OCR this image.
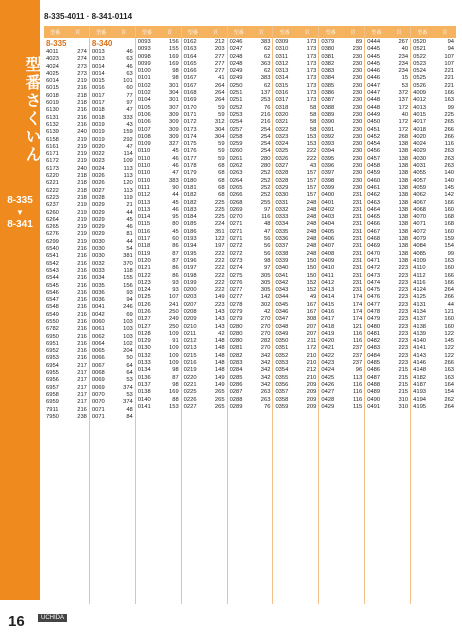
型番さくいん
8-335
▼
8-341
16	UCHIDA
8-335-4011 · 8-341-0114
型番	頁
8-335
4011	274
4023	274
4024	273
4025	273
6014	219
6015	216
6018	218
6019	218
6130	216
6131	216
6132	216
6139	240
6158	219
6161	219
6171	219
6172	219
6173	240
6220	218
6221	218
6222	218
6223	218
6237	219
6260	219
6264	219
6265	219
6276	219
6299	219
6540	216
6541	216
6542	216
6543	216
6544	216
6545	216
6546	216
6547	216
6548	216
6549	216
6550	216
6782	216
6950	216
6951	216
6952	216
6953	216
6954	217
6955	217
6956	217
6957	217
6958	217
6959	217
7911	216
7950	238
型番	頁
8-340
0013	46
0013	63
0014	46
0014	63
0015	101
0016	60
0017	77
0017	97
0018	47
0018	333
0019	43
0019	159
0019	292
0020	47
0022	114
0023	109
0024	113
0026	113
0026	120
0027	113
0028	119
0029	21
0029	44
0029	45
0029	46
0029	81
0030	44
0030	54
0030	381
0032	370
0033	118
0034	155
0035	156
0036	93
0036	94
0041	246
0042	69
0060	103
0061	103
0062	103
0064	102
0065	204
0066	50
0067	64
0068	64
0069	53
0069	374
0070	53
0070	374
0071	48
0071	84
型番	頁
0093	156
0093	155
0098	169
0099	169
0100	98
0101	98
0102	301
0102	304
0104	301
0105	307
0106	309
0106	309
0107	309
0108	309
0109	327
0110	45
0110	46
0110	46
0110	47
0110	383
0111	90
0112	44
0113	45
0113	46
0114	95
0115	80
0116	45
0117	60
0118	86
0119	87
0120	87
0121	86
0122	86
0123	93
0124	93
0125	107
0126	241
0126	250
0127	249
0127	250
0128	109
0129	91
0130	109
0132	109
0133	109
0134	98
0136	87
0137	98
0138	169
0140	88
0141	153
型番	頁
0162	212
0163	203
0164	277
0165	277
0166	277
0167	41
0167	264
0168	264
0169	264
0170	59
0171	59
0172	312
0173	304
0174	304
0175	59
0176	59
0177	59
0178	68
0179	68
0180	68
0181	68
0182	68
0182	225
0183	225
0184	225
0185	224
0186	351
0193	122
0194	197
0195	222
0196	222
0197	222
0198	222
0199	222
0200	222
0203	149
0207	223
0208	143
0209	143
0210	143
0211	42
0212	148
0213	148
0215	148
0216	148
0219	148
0220	149
0221	149
0225	265
0226	265
0227	265
型番	頁
0246	383
0247	62
0248	62
0248	363
0249	62
0249	383
0250	62
0251	137
0251	253
0252	76
0253	216
0254	216
0257	254
0258	254
0259	254
0260	254
0261	280
0262	280
0263	252
0264	252
0265	252
0266	252
0268	255
0269	97
0270	116
0271	48
0271	47
0271	56
0272	56
0272	56
0273	98
0274	97
0275	305
0276	305
0277	305
0277	142
0278	302
0279	42
0279	270
0280	270
0280	270
0280	282
0281	270
0282	342
0283	342
0284	342
0285	342
0286	342
0287	263
0288	263
0289	76
型番	頁
0309	173
0310	173
0311	173
0312	173
0313	173
0314	173
0315	173
0316	173
0317	173
0318	58
0320	58
0321	58
0322	58
0323	153
0324	153
0325	222
0326	222
0327	43
0328	157
0328	157
0329	157
0330	157
0331	248
0332	248
0333	248
0334	248
0335	248
0336	248
0337	248
0338	248
0339	150
0340	150
0341	150
0342	152
0343	152
0344	49
0345	167
0346	167
0347	308
0348	207
0349	207
0350	211
0351	172
0352	210
0353	210
0354	212
0355	210
0356	209
0357	209
0358	209
0359	209
型番	頁
0379	89
0380	230
0381	230
0382	230
0383	230
0384	230
0385	230
0386	230
0387	230
0388	230
0389	230
0390	230
0391	230
0392	230
0393	230
0394	230
0395	230
0396	230
0397	230
0398	230
0399	230
0400	231
0401	231
0402	231
0403	231
0404	231
0405	231
0406	231
0407	231
0408	231
0409	231
0410	231
0411	231
0412	231
0413	231
0414	174
0415	174
0416	174
0417	174
0418	121
0419	116
0420	116
0421	237
0422	237
0423	237
0424	96
0425	113
0426	116
0427	116
0428	116
0429	115
型番	頁
0444	267
0445	40
0445	234
0445	234
0446	234
0446	15
0447	53
0447	372
0448	137
0448	172
0449	40
0450	172
0451	172
0452	268
0454	138
0456	138
0457	138
0458	138
0459	138
0460	138
0461	138
0462	138
0463	138
0464	138
0465	138
0466	138
0467	138
0468	138
0469	138
0470	138
0471	138
0472	223
0473	223
0474	223
0475	223
0476	223
0477	223
0478	223
0479	223
0480	223
0481	223
0482	223
0483	223
0484	223
0485	223
0486	215
0487	215
0488	215
0489	215
0490	310
0491	310
型番	頁
0520	94
0521	94
0522	107
0523	107
0524	221
0525	221
0526	221
4009	166
4012	163
4013	99
4015	225
4017	265
4018	266
4020	266
4024	116
4029	263
4030	263
4031	263
4055	140
4057	140
4059	145
4062	142
4067	166
4068	160
4070	168
4071	168
4072	160
4079	159
4084	154
4085	99
4109	163
4110	160
4112	166
4116	166
4124	264
4125	266
4131	44
4134	121
4137	160
4138	160
4139	122
4140	145
4141	122
4143	122
4146	266
4148	163
4182	163
4187	164
4193	154
4194	262
4195	264
